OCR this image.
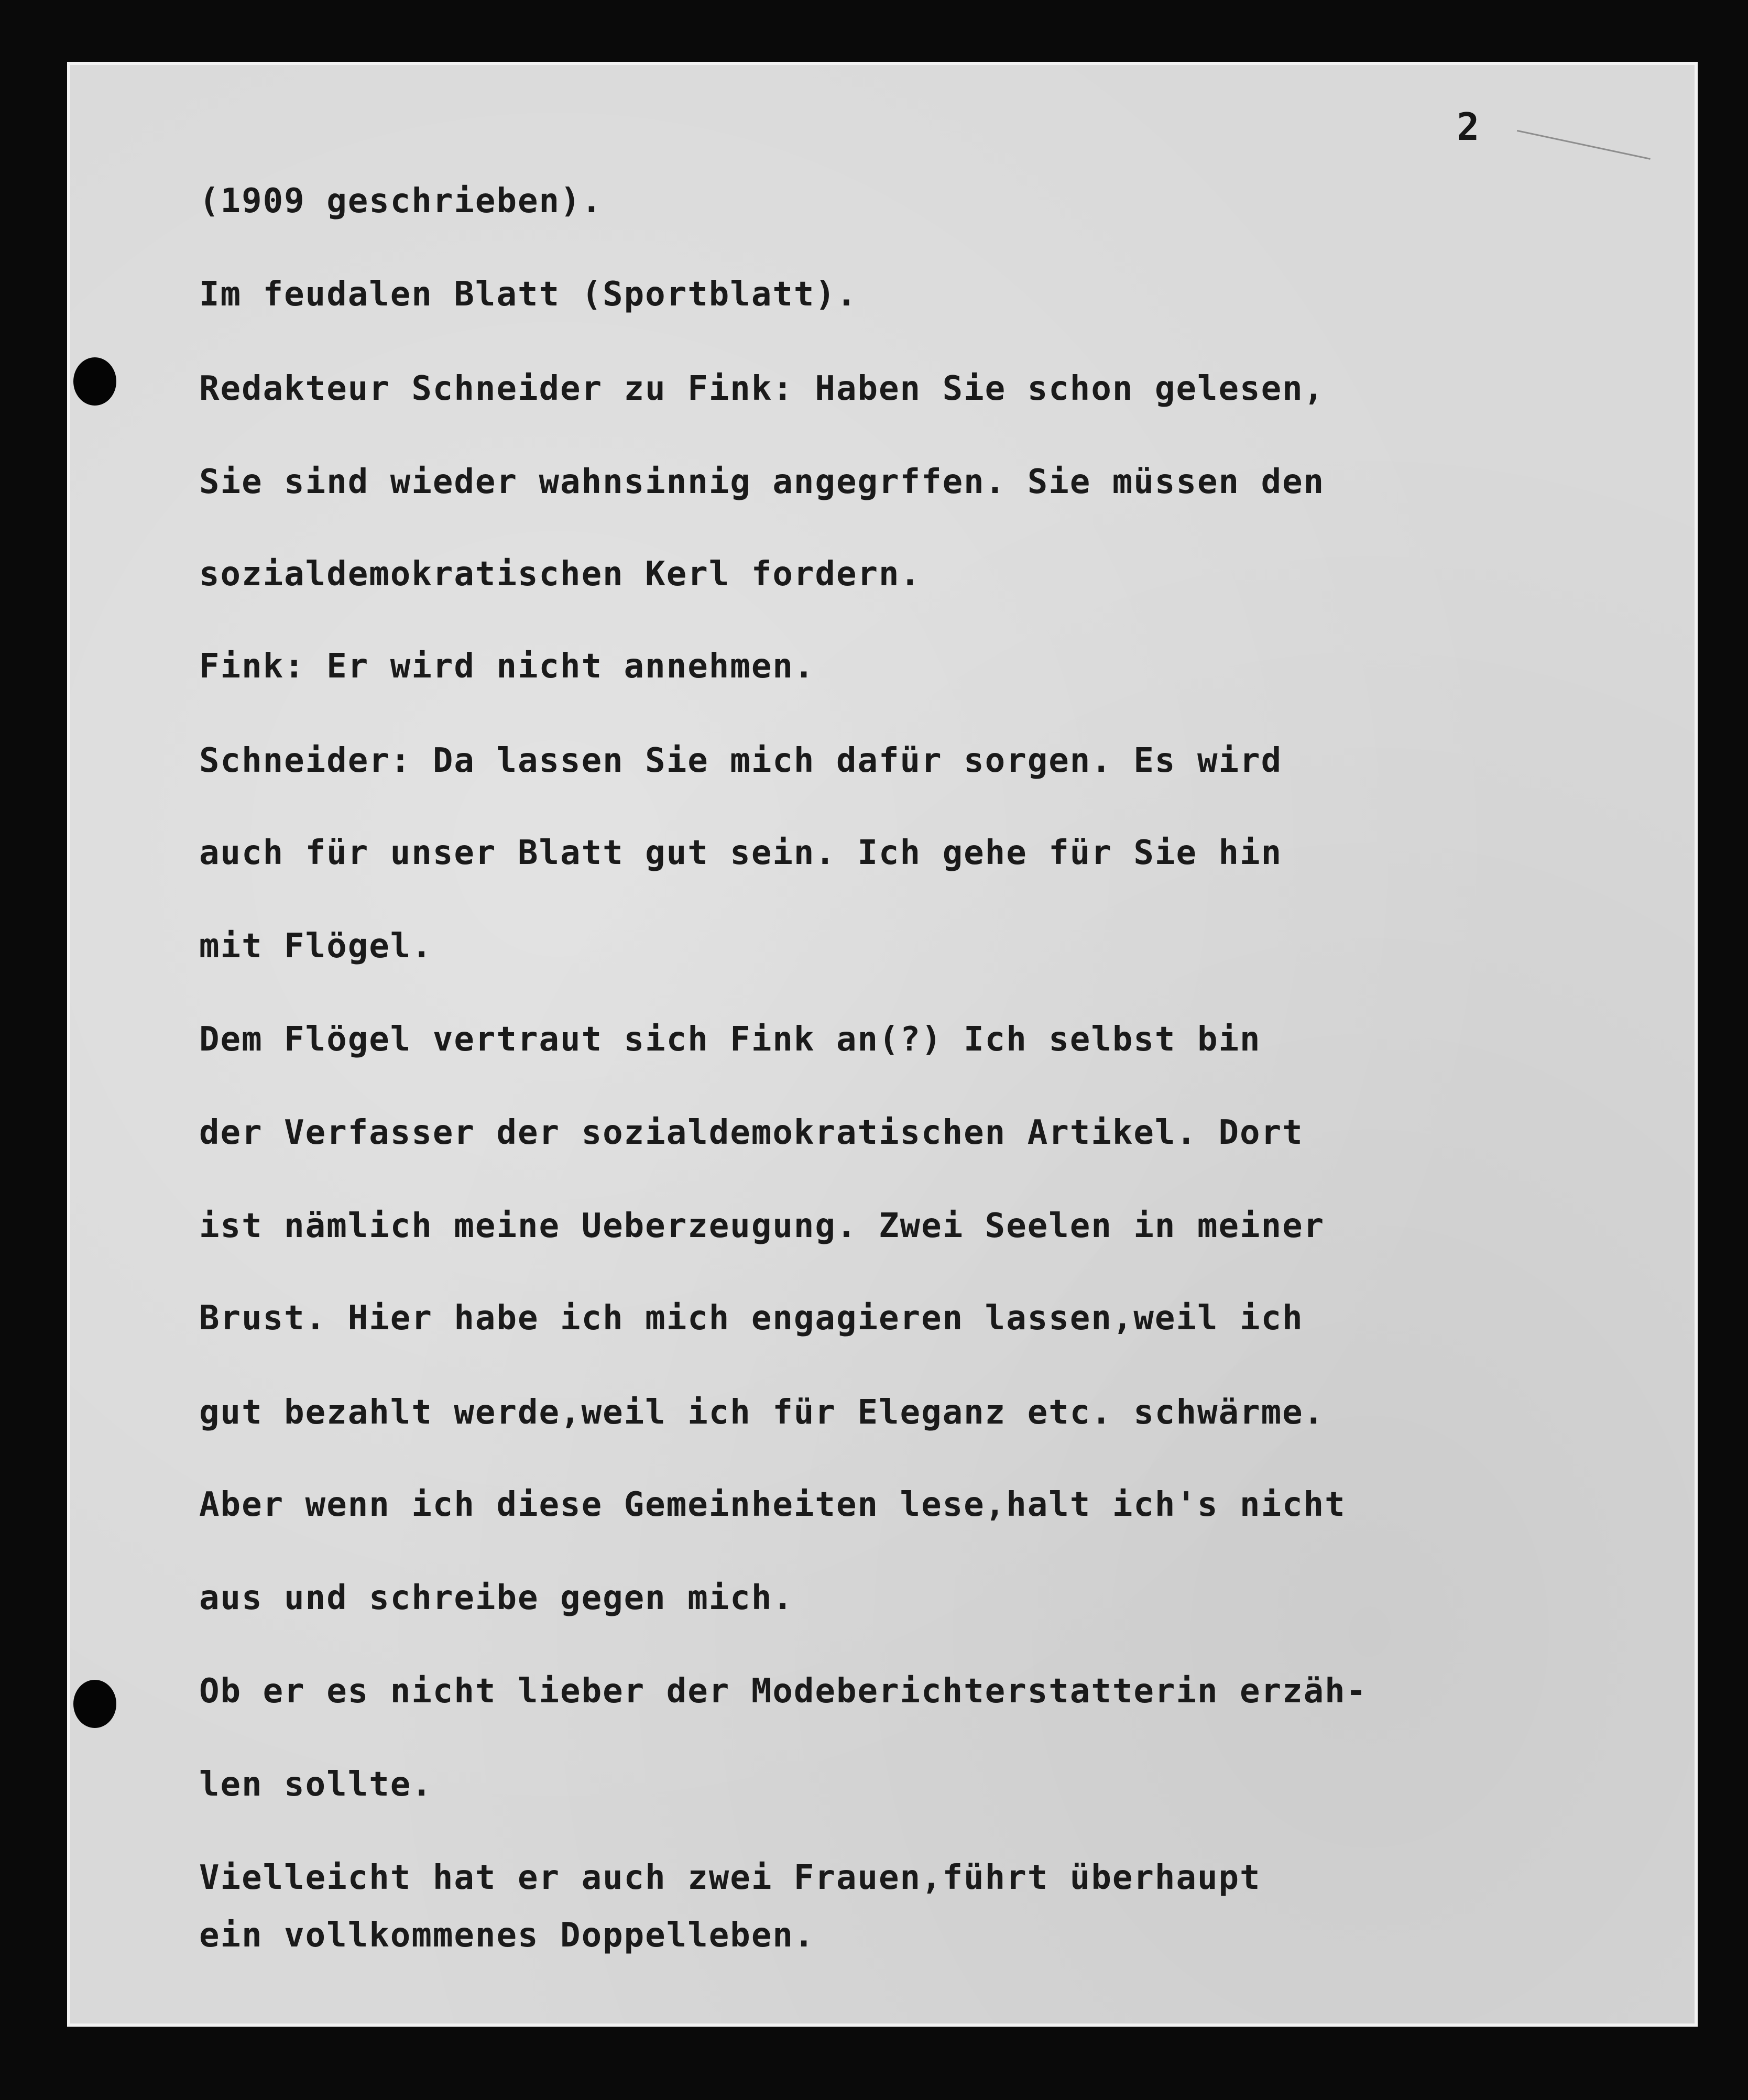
2
(1909 geschrieben).
Im feudalen Blatt (Sportblatt).
Redakteur Schneider zu Fink: Haben Sie schon gelesen,
Sie sind wieder wahnsinnig angegrffen. Sie müssen den
sozialdemokratischen Kerl fordern.
Fink: Er wird nicht annehmen.
Schneider: Da lassen Sie mich dafür sorgen. Es wird
auch für unser Blatt gut sein. Ich gehe für Sie hin
mit Flögel.
Dem Flögel vertraut sich Fink an(?) Ich selbst bin
der Verfasser der sozialdemokratischen Artikel. Dort
ist nämlich meine Ueberzeugung. Zwei Seelen in meiner
Brust. Hier habe ich mich engagieren lassen,weil ich
gut bezahlt werde,weil ich für Eleganz etc. schwärme.
Aber wenn ich diese Gemeinheiten lese,halt ich's nicht
aus und schreibe gegen mich.
Ob er es nicht lieber der Modeberichterstatterin erzäh-
len sollte.
Vielleicht hat er auch zwei Frauen,führt überhaupt
ein vollkommenes Doppelleben.
